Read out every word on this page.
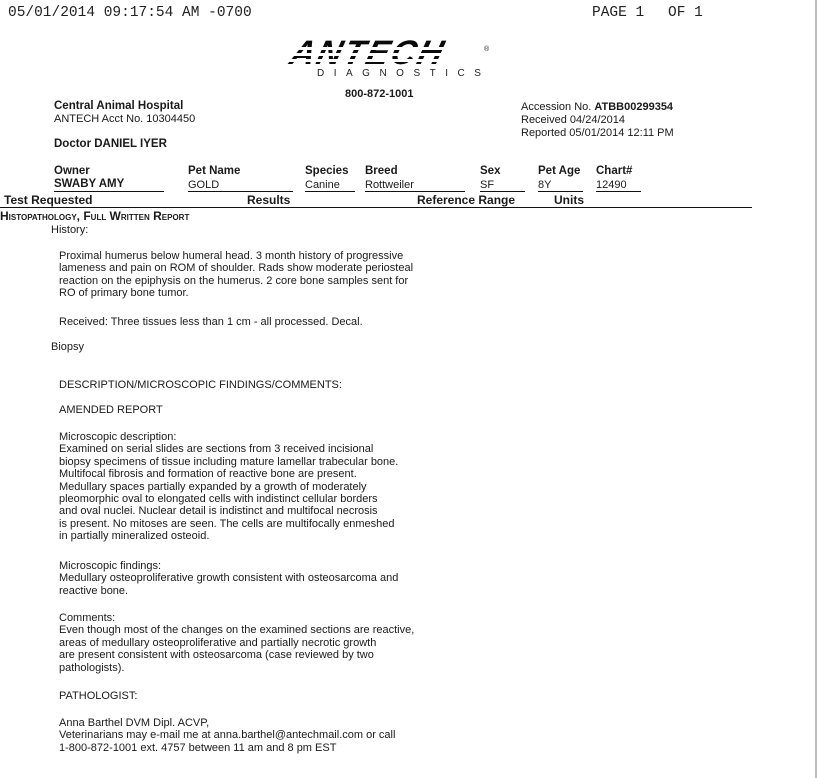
05/01/2014 09:17:54 AM -0700	PAGE 1 OF 1
®
DIAGNOSTICS
800-872-1001
Central Animal Hospital
ANTECH Acct No. 10304450
Doctor DANIEL IYER
Accession No. ATBB00299354
Received 04/24/2014
Reported 05/01/2014 12:11 PM
Owner	Pet Name	Species Breed	Sex	Pet Age Chart#
SWABY AMY	GOLD	Canine Rottweiler	SF	8Y	12490
Test Requested	Results	Reference Range	Units
Histopathology, Full Written Report
History:
Proximal humerus below humeral head. 3 month history of progressive
lameness and pain on ROM of shoulder. Rads show moderate periosteal
reaction on the epiphysis on the humerus. 2 core bone samples sent for
RO of primary bone tumor.
Received: Three tissues less than 1 cm - all processed. Decal.
Biopsy
DESCRIPTION/MICROSCOPIC FINDINGS/COMMENTS:
AMENDED REPORT
Microscopic description:
Examined on serial slides are sections from 3 received incisional
biopsy specimens of tissue including mature lamellar trabecular bone.
Multifocal fibrosis and formation of reactive bone are present.
Medullary spaces partially expanded by a growth of moderately
pleomorphic oval to elongated cells with indistinct cellular borders
and oval nuclei. Nuclear detail is indistinct and multifocal necrosis
is present. No mitoses are seen. The cells are multifocally enmeshed
in partially mineralized osteoid.
Microscopic findings:
Medullary osteoproliferative growth consistent with osteosarcoma and
reactive bone.
Comments:
Even though most of the changes on the examined sections are reactive,
areas of medullary osteoproliferative and partially necrotic growth
are present consistent with osteosarcoma (case reviewed by two
pathologists).
PATHOLOGIST:
Anna Barthel DVM Dipl. ACVP,
Veterinarians may e-mail me at anna.barthel@antechmail.com or call
1-800-872-1001 ext. 4757 between 11 am and 8 pm EST
